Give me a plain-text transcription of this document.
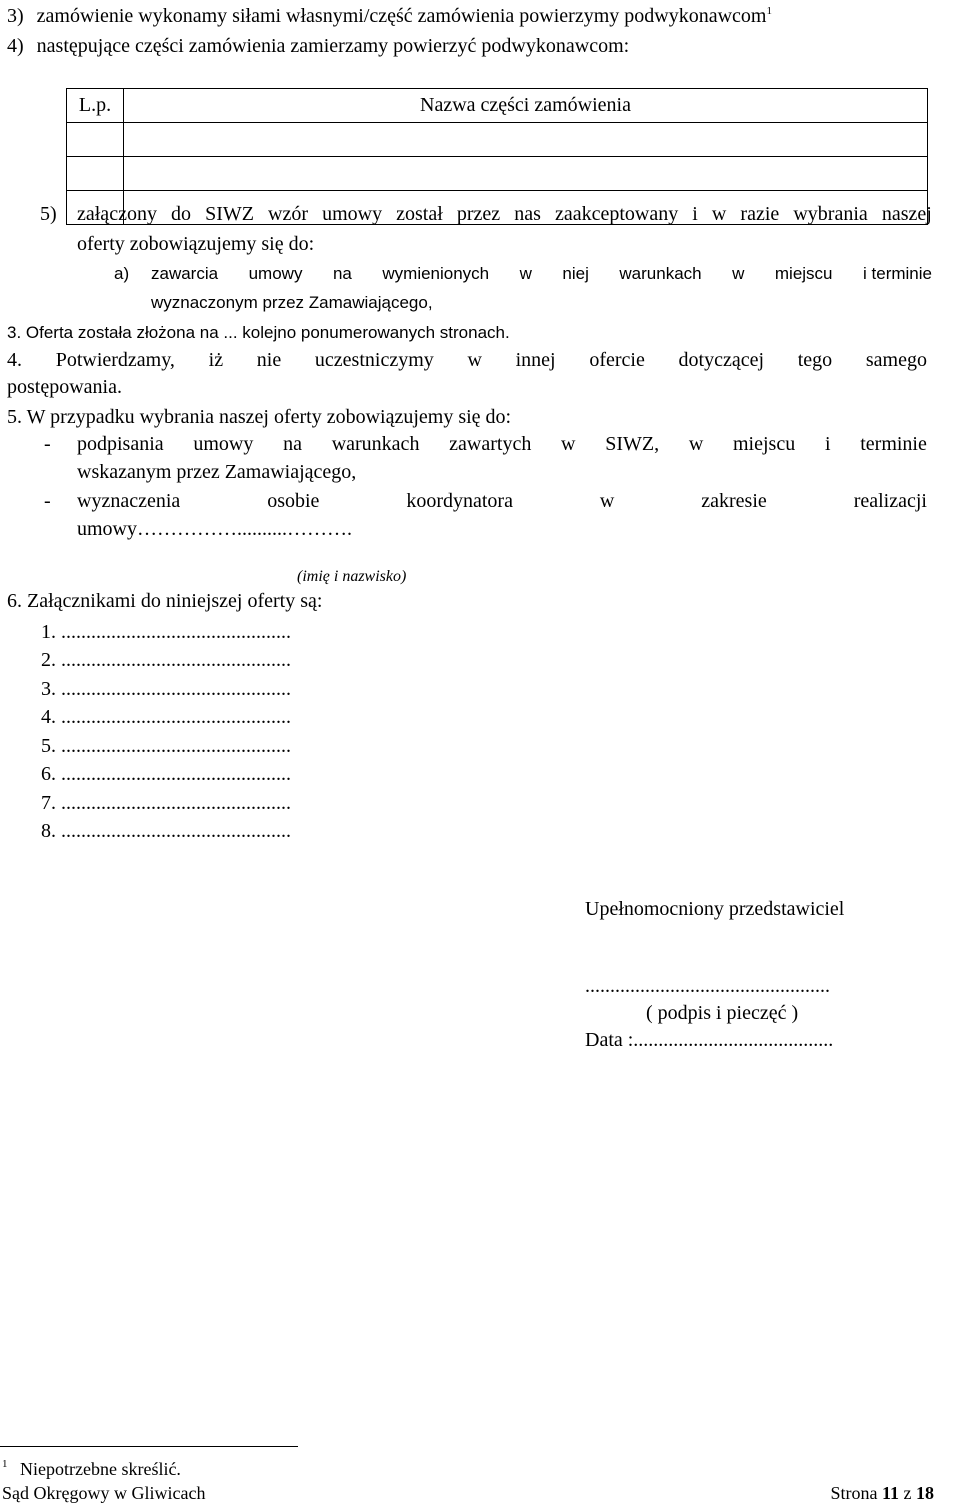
3) zamówienie wykonamy siłami własnymi/część zamówienia powierzymy podwykonawcom$^1$
4) następujące części zamówienia zamierzamy powierzyć podwykonawcom:
L.p.	Nazwa części zamówienia

5) załączony do SIWZ wzór umowy został przez nas zaakceptowany i w razie wybrania naszej
oferty zobowiązujemy się do:
a) zawarcia umowy na wymienionych w niej warunkach w miejscu i terminie
wyznaczonym przez Zamawiającego,
3. Oferta została złożona na ... kolejno ponumerowanych stronach.
4. Potwierdzamy, iż nie uczestniczymy w innej ofercie dotyczącej tego samego
postępowania.
5. W przypadku wybrania naszej oferty zobowiązujemy się do:
- podpisania umowy na warunkach zawartych w SIWZ, w miejscu i terminie
wskazanym przez Zamawiającego,
- wyznaczenia	osobie	koordynatora	w	zakresie	realizacji
umowy……………..........……….
(imię i nazwisko)
6. Załącznikami do niniejszej oferty są:
1. ..............................................
2. ..............................................
3. ..............................................
4. ..............................................
5. ..............................................
6. ..............................................
7. ..............................................
8. ..............................................
Upełnomocniony przedstawiciel
.................................................
( podpis i pieczęć )
Data :........................................
$^1$ Niepotrzebne skreślić.
Sąd Okręgowy w Gliwicach	Strona 11 z 18
